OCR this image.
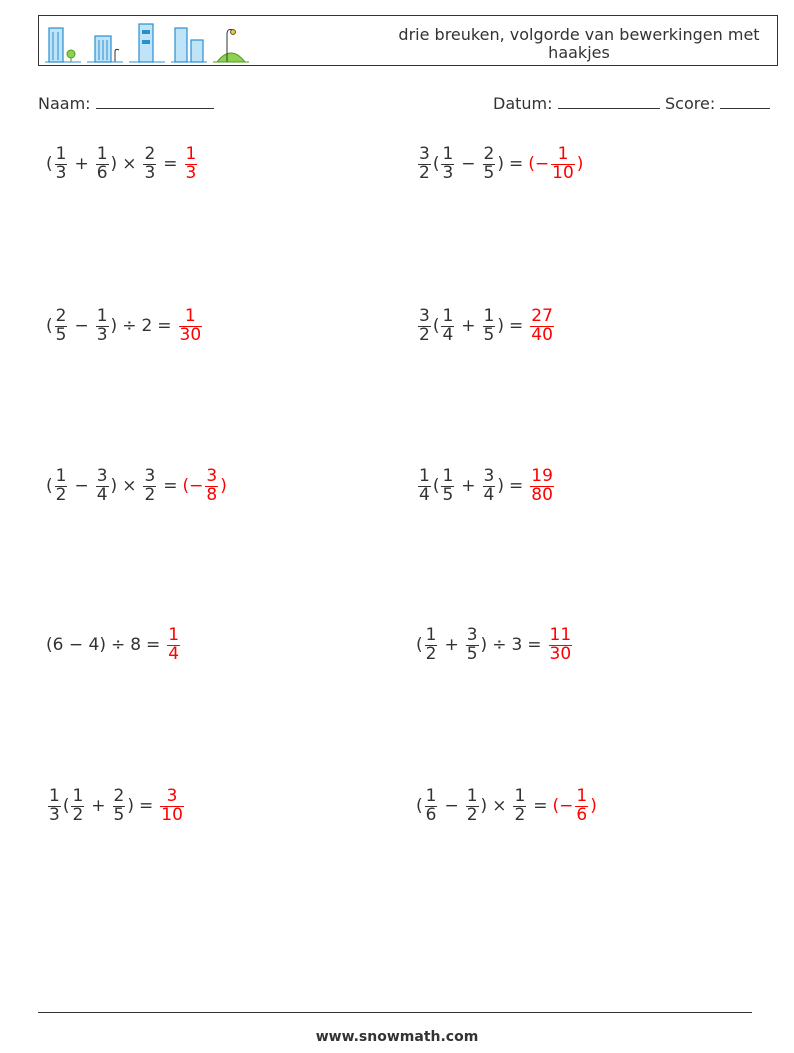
drie breuken, volgorde van bewerkingen met haakjes
Naam:	Datum:	Score:
( $\frac{1}{3} + \frac{1}{6}$ ) × $\frac{2}{3} = \frac{1}{3}$	$\frac{3}{2}$ ( $\frac{1}{3} - \frac{2}{5}$ ) = (− $\frac{1}{10}$ )
( $\frac{2}{5} - \frac{1}{3}$ ) ÷ $2 = \frac{1}{30}$	$\frac{3}{2}$ ( $\frac{1}{4} + \frac{1}{5}$ ) = $\frac{27}{40}$
( $\frac{1}{2} - \frac{3}{4}$ ) × $\frac{3}{2}$ = (− $\frac{3}{8}$ )	$\frac{1}{4}$ ( $\frac{1}{5} + \frac{3}{4}$ ) = $\frac{19}{80}$
$(6 - 4) \div 8 = \frac{1}{4}$	( $\frac{1}{2} + \frac{3}{5}$ ) ÷ $3 = \frac{11}{30}$
$\frac{1}{3}$ ( $\frac{1}{2} + \frac{2}{5}$ ) = $\frac{3}{10}$	( $\frac{1}{6} - \frac{1}{2}$ ) × $\frac{1}{2}$ = (− $\frac{1}{6}$ )
www.snowmath.com
